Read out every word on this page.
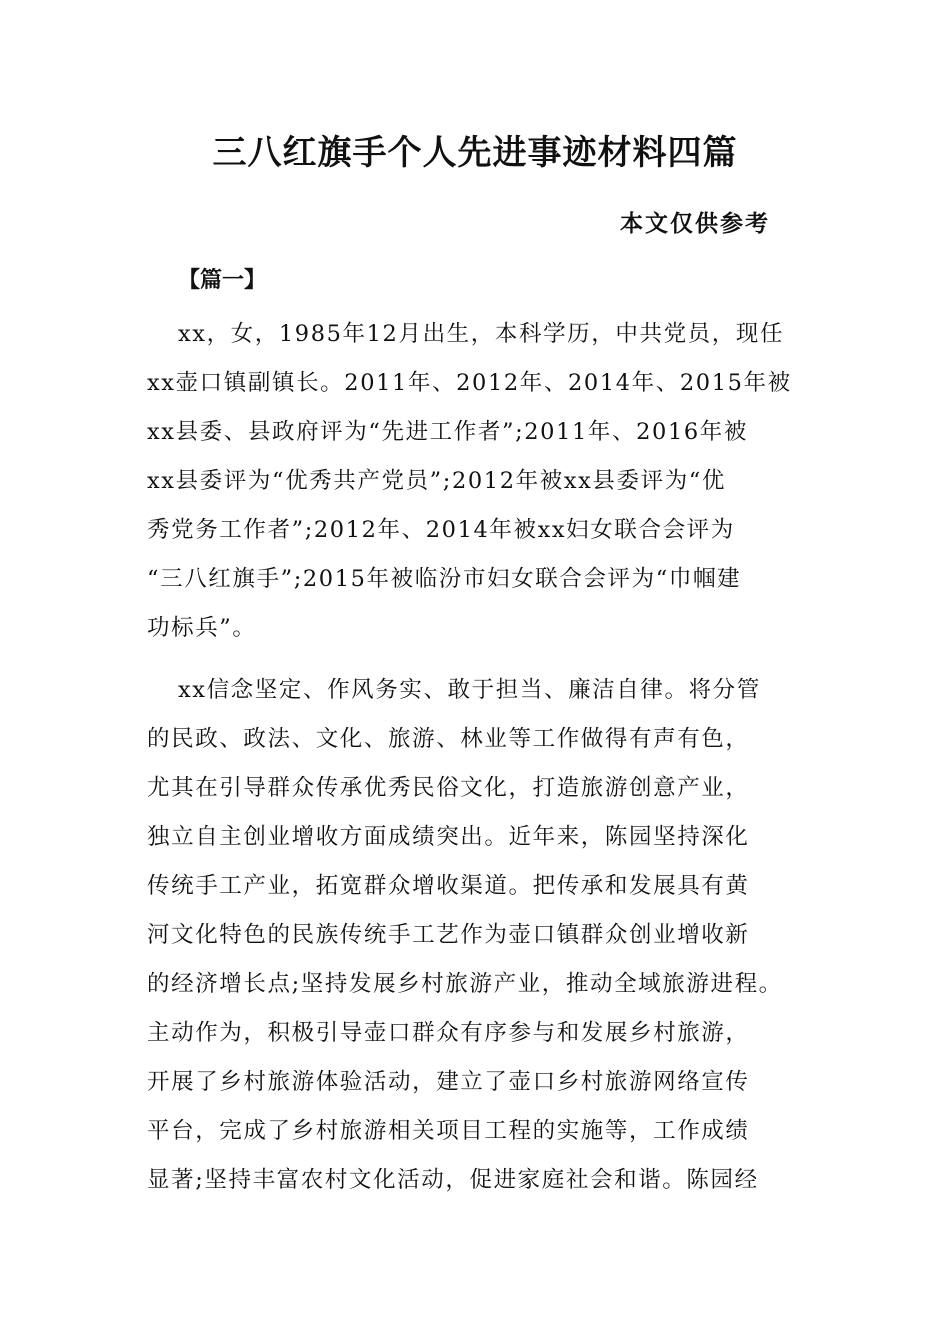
三八红旗手个人先进事迹材料四篇
本文仅供参考
【篇一】
xx，女，1985年12月出生，本科学历，中共党员，现任
xx壶口镇副镇长。2011年、2012年、2014年、2015年被
xx县委、县政府评为“先进工作者”;2011年、2016年被
xx县委评为“优秀共产党员”;2012年被xx县委评为“优
秀党务工作者”;2012年、2014年被xx妇女联合会评为
“三八红旗手”;2015年被临汾市妇女联合会评为“巾帼建
功标兵”。
xx信念坚定、作风务实、敢于担当、廉洁自律。将分管
的民政、政法、文化、旅游、林业等工作做得有声有色，
尤其在引导群众传承优秀民俗文化，打造旅游创意产业，
独立自主创业增收方面成绩突出。近年来，陈园坚持深化
传统手工产业，拓宽群众增收渠道。把传承和发展具有黄
河文化特色的民族传统手工艺作为壶口镇群众创业增收新
的经济增长点;坚持发展乡村旅游产业，推动全域旅游进程。
主动作为，积极引导壶口群众有序参与和发展乡村旅游，
开展了乡村旅游体验活动，建立了壶口乡村旅游网络宣传
平台，完成了乡村旅游相关项目工程的实施等，工作成绩
显著;坚持丰富农村文化活动，促进家庭社会和谐。陈园经
